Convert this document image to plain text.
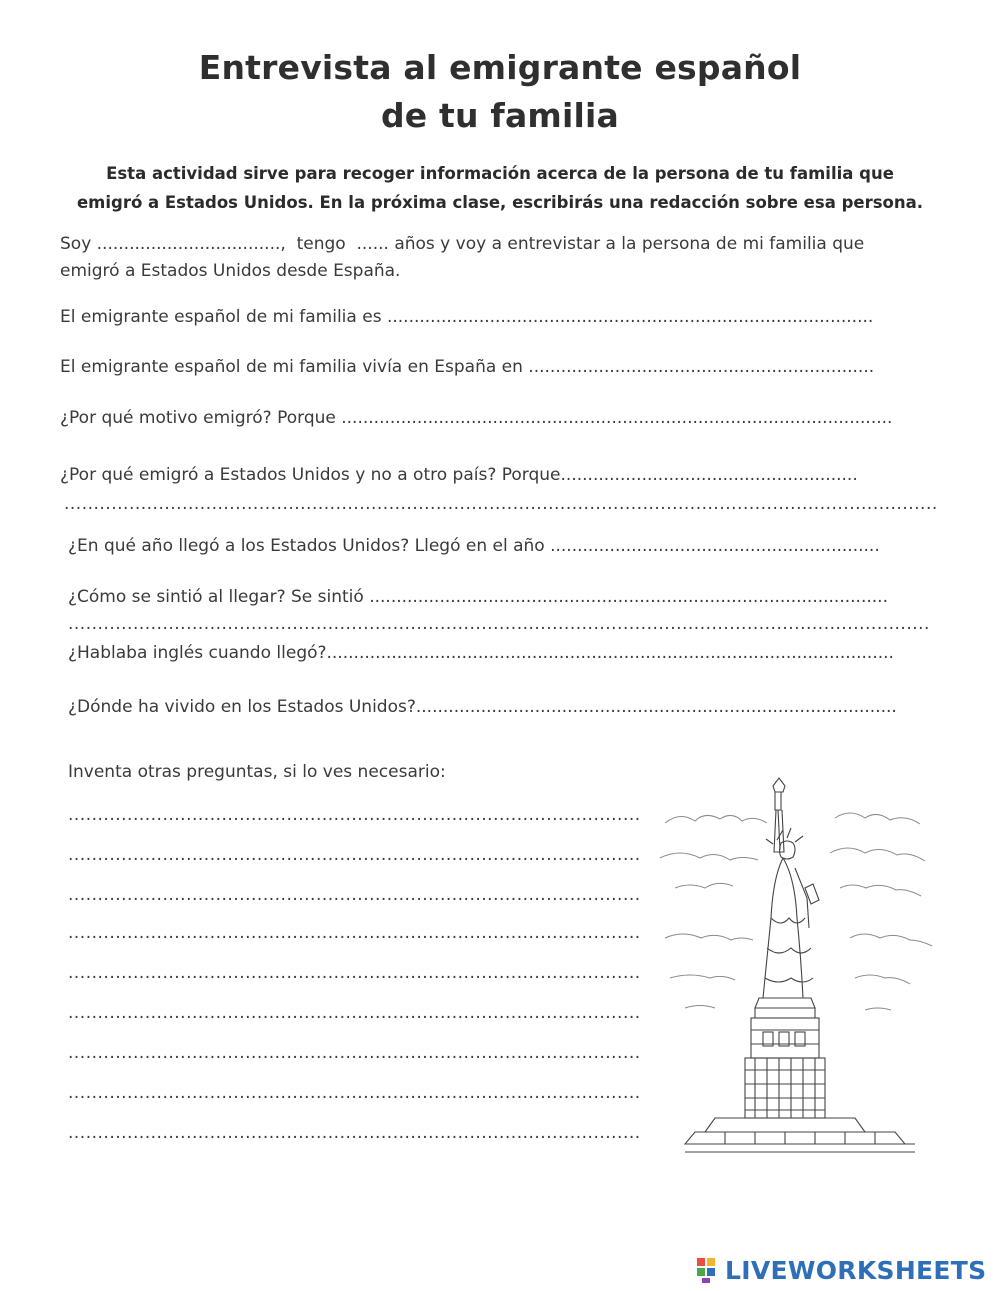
Entrevista al emigrante español
de tu familia
Esta actividad sirve para recoger información acerca de la persona de tu familia que
emigró a Estados Unidos. En la próxima clase, escribirás una redacción sobre esa persona.
Soy ..................................,  tengo  ...... años y voy a entrevistar a la persona de mi familia que
emigró a Estados Unidos desde España.
El emigrante español de mi familia es ..........................................................................................
El emigrante español de mi familia vivía en España en ................................................................
¿Por qué motivo emigró? Porque ......................................................................................................
¿Por qué emigró a Estados Unidos y no a otro país? Porque.......................................................
....................................................................................................................................................
¿En qué año llegó a los Estados Unidos? Llegó en el año .............................................................
¿Cómo se sintió al llegar? Se sintió ................................................................................................
..................................................................................................................................................
¿Hablaba inglés cuando llegó?.........................................................................................................
¿Dónde ha vivido en los Estados Unidos?.........................................................................................
Inventa otras preguntas, si lo ves necesario:
.................................................................................................
.................................................................................................
.................................................................................................
.................................................................................................
.................................................................................................
.................................................................................................
.................................................................................................
.................................................................................................
.................................................................................................
LIVEWORKSHEETS
